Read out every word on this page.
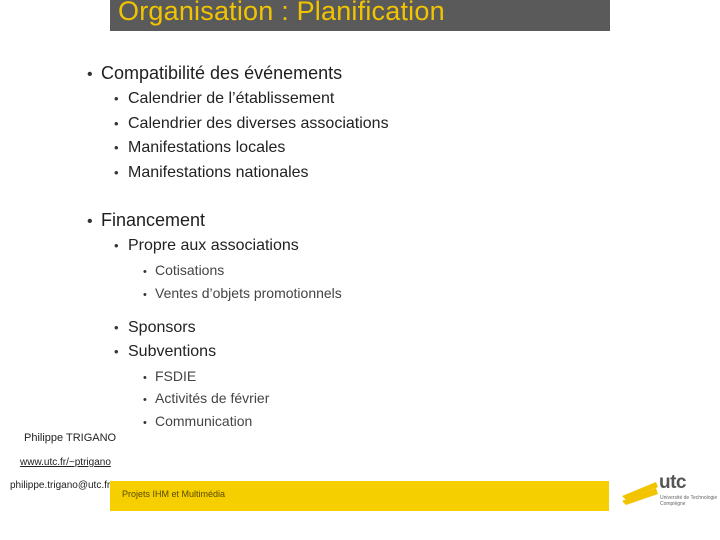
Organisation : Planification
• Compatibilité des événements
• Calendrier de l’établissement
• Calendrier des diverses associations
• Manifestations locales
• Manifestations nationales
• Financement
• Propre aux associations
• Cotisations
• Ventes d’objets promotionnels
• Sponsors
• Subventions
• FSDIE
• Activités de février
• Communication
Philippe TRIGANO
www.utc.fr/~ptrigano
philippe.trigano@utc.fr
Projets IHM et Multimédia
utc
Université de Technologie
Compiègne
